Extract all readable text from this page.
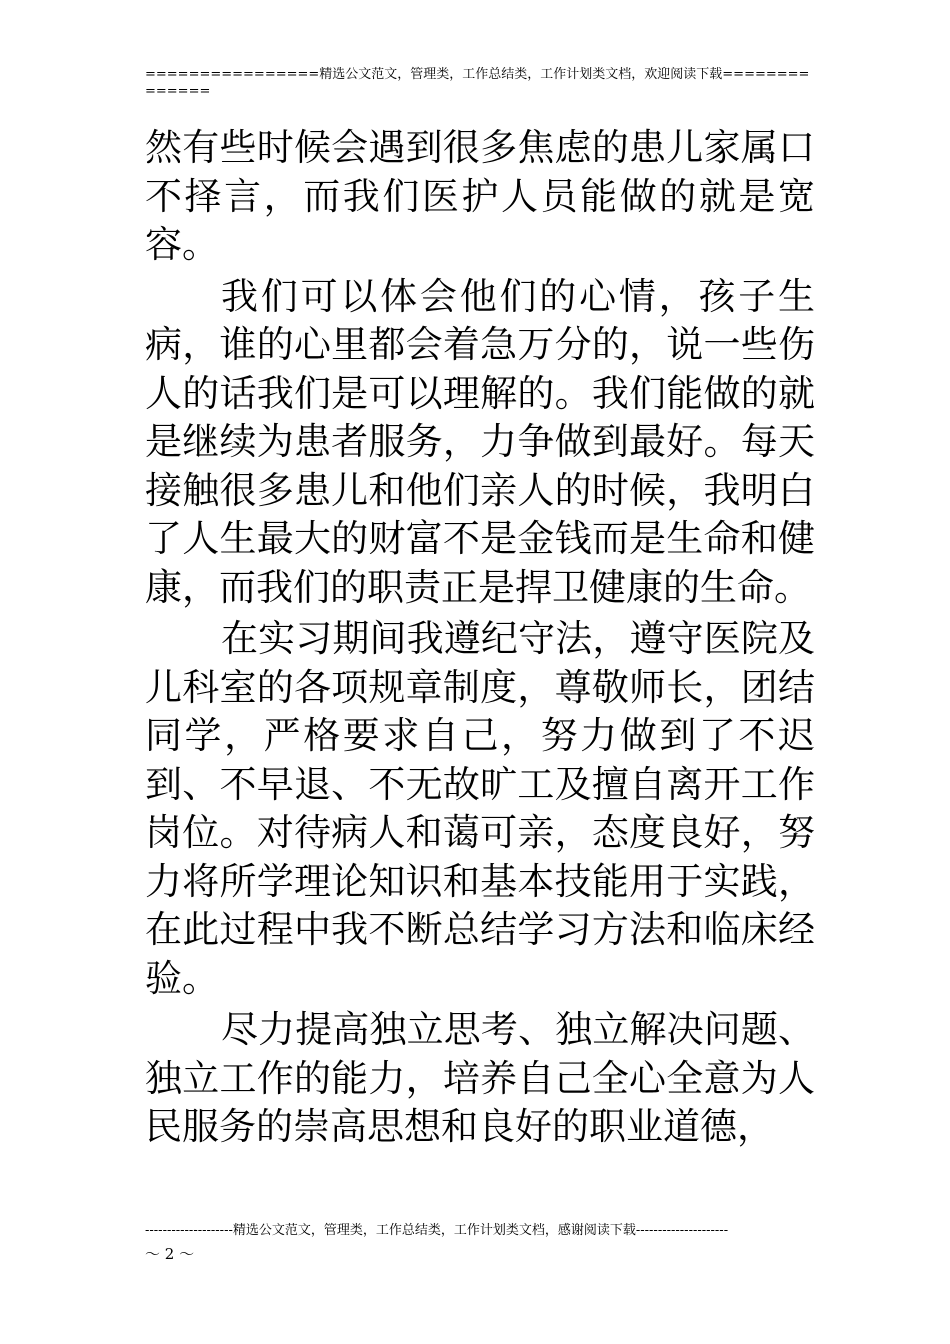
================精选公文范文，管理类，工作总结类，工作计划类文档，欢迎阅读下载==============

然有些时候会遇到很多焦虑的患儿家属口不择言，而我们医护人员能做的就是宽容。

我们可以体会他们的心情，孩子生病，谁的心里都会着急万分的，说一些伤人的话我们是可以理解的。我们能做的就是继续为患者服务，力争做到最好。每天接触很多患儿和他们亲人的时候，我明白了人生最大的财富不是金钱而是生命和健康，而我们的职责正是捍卫健康的生命。

在实习期间我遵纪守法，遵守医院及儿科室的各项规章制度，尊敬师长，团结同学，严格要求自己，努力做到了不迟到、不早退、不无故旷工及擅自离开工作岗位。对待病人和蔼可亲，态度良好，努力将所学理论知识和基本技能用于实践，在此过程中我不断总结学习方法和临床经验。

尽力提高独立思考、独立解决问题、独立工作的能力，培养自己全心全意为人民服务的崇高思想和良好的职业道德，

--------------------精选公文范文，管理类，工作总结类，工作计划类文档，感谢阅读下载---------------------
～ 2 ～
